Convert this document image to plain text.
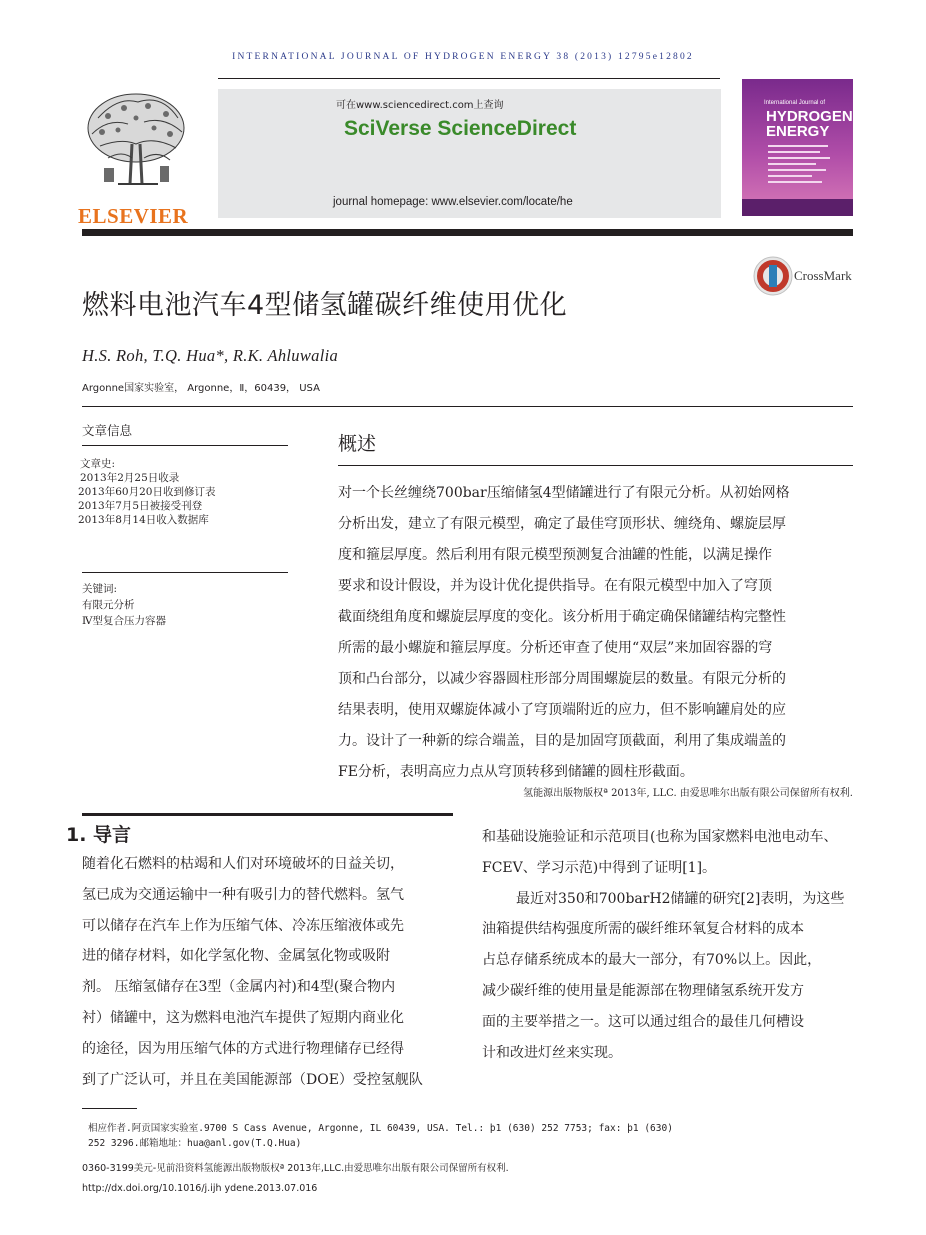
INTERNATIONAL JOURNAL OF HYDROGEN ENERGY 38 (2013) 12795e12802
ELSEVIER
可在www.sciencedirect.com上查询
SciVerse ScienceDirect
journal homepage: www.elsevier.com/locate/he
International Journal of
HYDROGEN
ENERGY
CrossMark
燃料电池汽车4型储氢罐碳纤维使用优化
H.S. Roh, T.Q. Hua*, R.K. Ahluwalia
Argonne国家实验室， Argonne，Ⅱ，60439， USA
文章信息
文章史:
2013年2月25日收录
2013年60月20日收到修订表
2013年7月5日被接受刊登
2013年8月14日收入数据库
关键词:
有限元分析
Ⅳ型复合压力容器
概述

对一个长丝缠绕700bar压缩储氢4型储罐进行了有限元分析。从初始网格

分析出发，建立了有限元模型，确定了最佳穹顶形状、缠绕角、螺旋层厚

度和箍层厚度。然后利用有限元模型预测复合油罐的性能，以满足操作

要求和设计假设，并为设计优化提供指导。在有限元模型中加入了穹顶

截面绕组角度和螺旋层厚度的变化。该分析用于确定确保储罐结构完整性

所需的最小螺旋和箍层厚度。分析还审查了使用“双层”来加固容器的穹

顶和凸台部分，以减少容器圆柱形部分周围螺旋层的数量。有限元分析的

结果表明，使用双螺旋体减小了穹顶端附近的应力，但不影响罐肩处的应

力。设计了一种新的综合端盖，目的是加固穹顶截面，利用了集成端盖的

FE分析，表明高应力点从穹顶转移到储罐的圆柱形截面。

氢能源出版物版权ª 2013年, LLC. 由爱思唯尔出版有限公司保留所有权利.
1. 导言

随着化石燃料的枯竭和人们对环境破坏的日益关切，

氢已成为交通运输中一种有吸引力的替代燃料。氢气

可以储存在汽车上作为压缩气体、冷冻压缩液体或先

进的储存材料，如化学氢化物、金属氢化物或吸附

剂。 压缩氢储存在3型（金属内衬)和4型(聚合物内

衬）储罐中，这为燃料电池汽车提供了短期内商业化

的途径，因为用压缩气体的方式进行物理储存已经得

到了广泛认可，并且在美国能源部（DOE）受控氢舰队

和基础设施验证和示范项目(也称为国家燃料电池电动车、

FCEV、学习示范)中得到了证明[1]。

最近对350和700barH2储罐的研究[2]表明，为这些

油箱提供结构强度所需的碳纤维环氧复合材料的成本

占总存储系统成本的最大一部分，有70%以上。因此，

减少碳纤维的使用量是能源部在物理储氢系统开发方

面的主要举措之一。这可以通过组合的最佳几何槽设

计和改进灯丝来实现。

相应作者.阿贡国家实验室.9700 S Cass Avenue, Argonne, IL 60439, USA. Tel.: þ1 (630) 252 7753; fax: þ1 (630)
252 3296.邮箱地址：hua@anl.gov(T.Q.Hua)
0360-3199美元-见前沿资料氢能源出版物版权ª 2013年,LLC.由爱思唯尔出版有限公司保留所有权利.
http://dx.doi.org/10.1016/j.ijh ydene.2013.07.016
